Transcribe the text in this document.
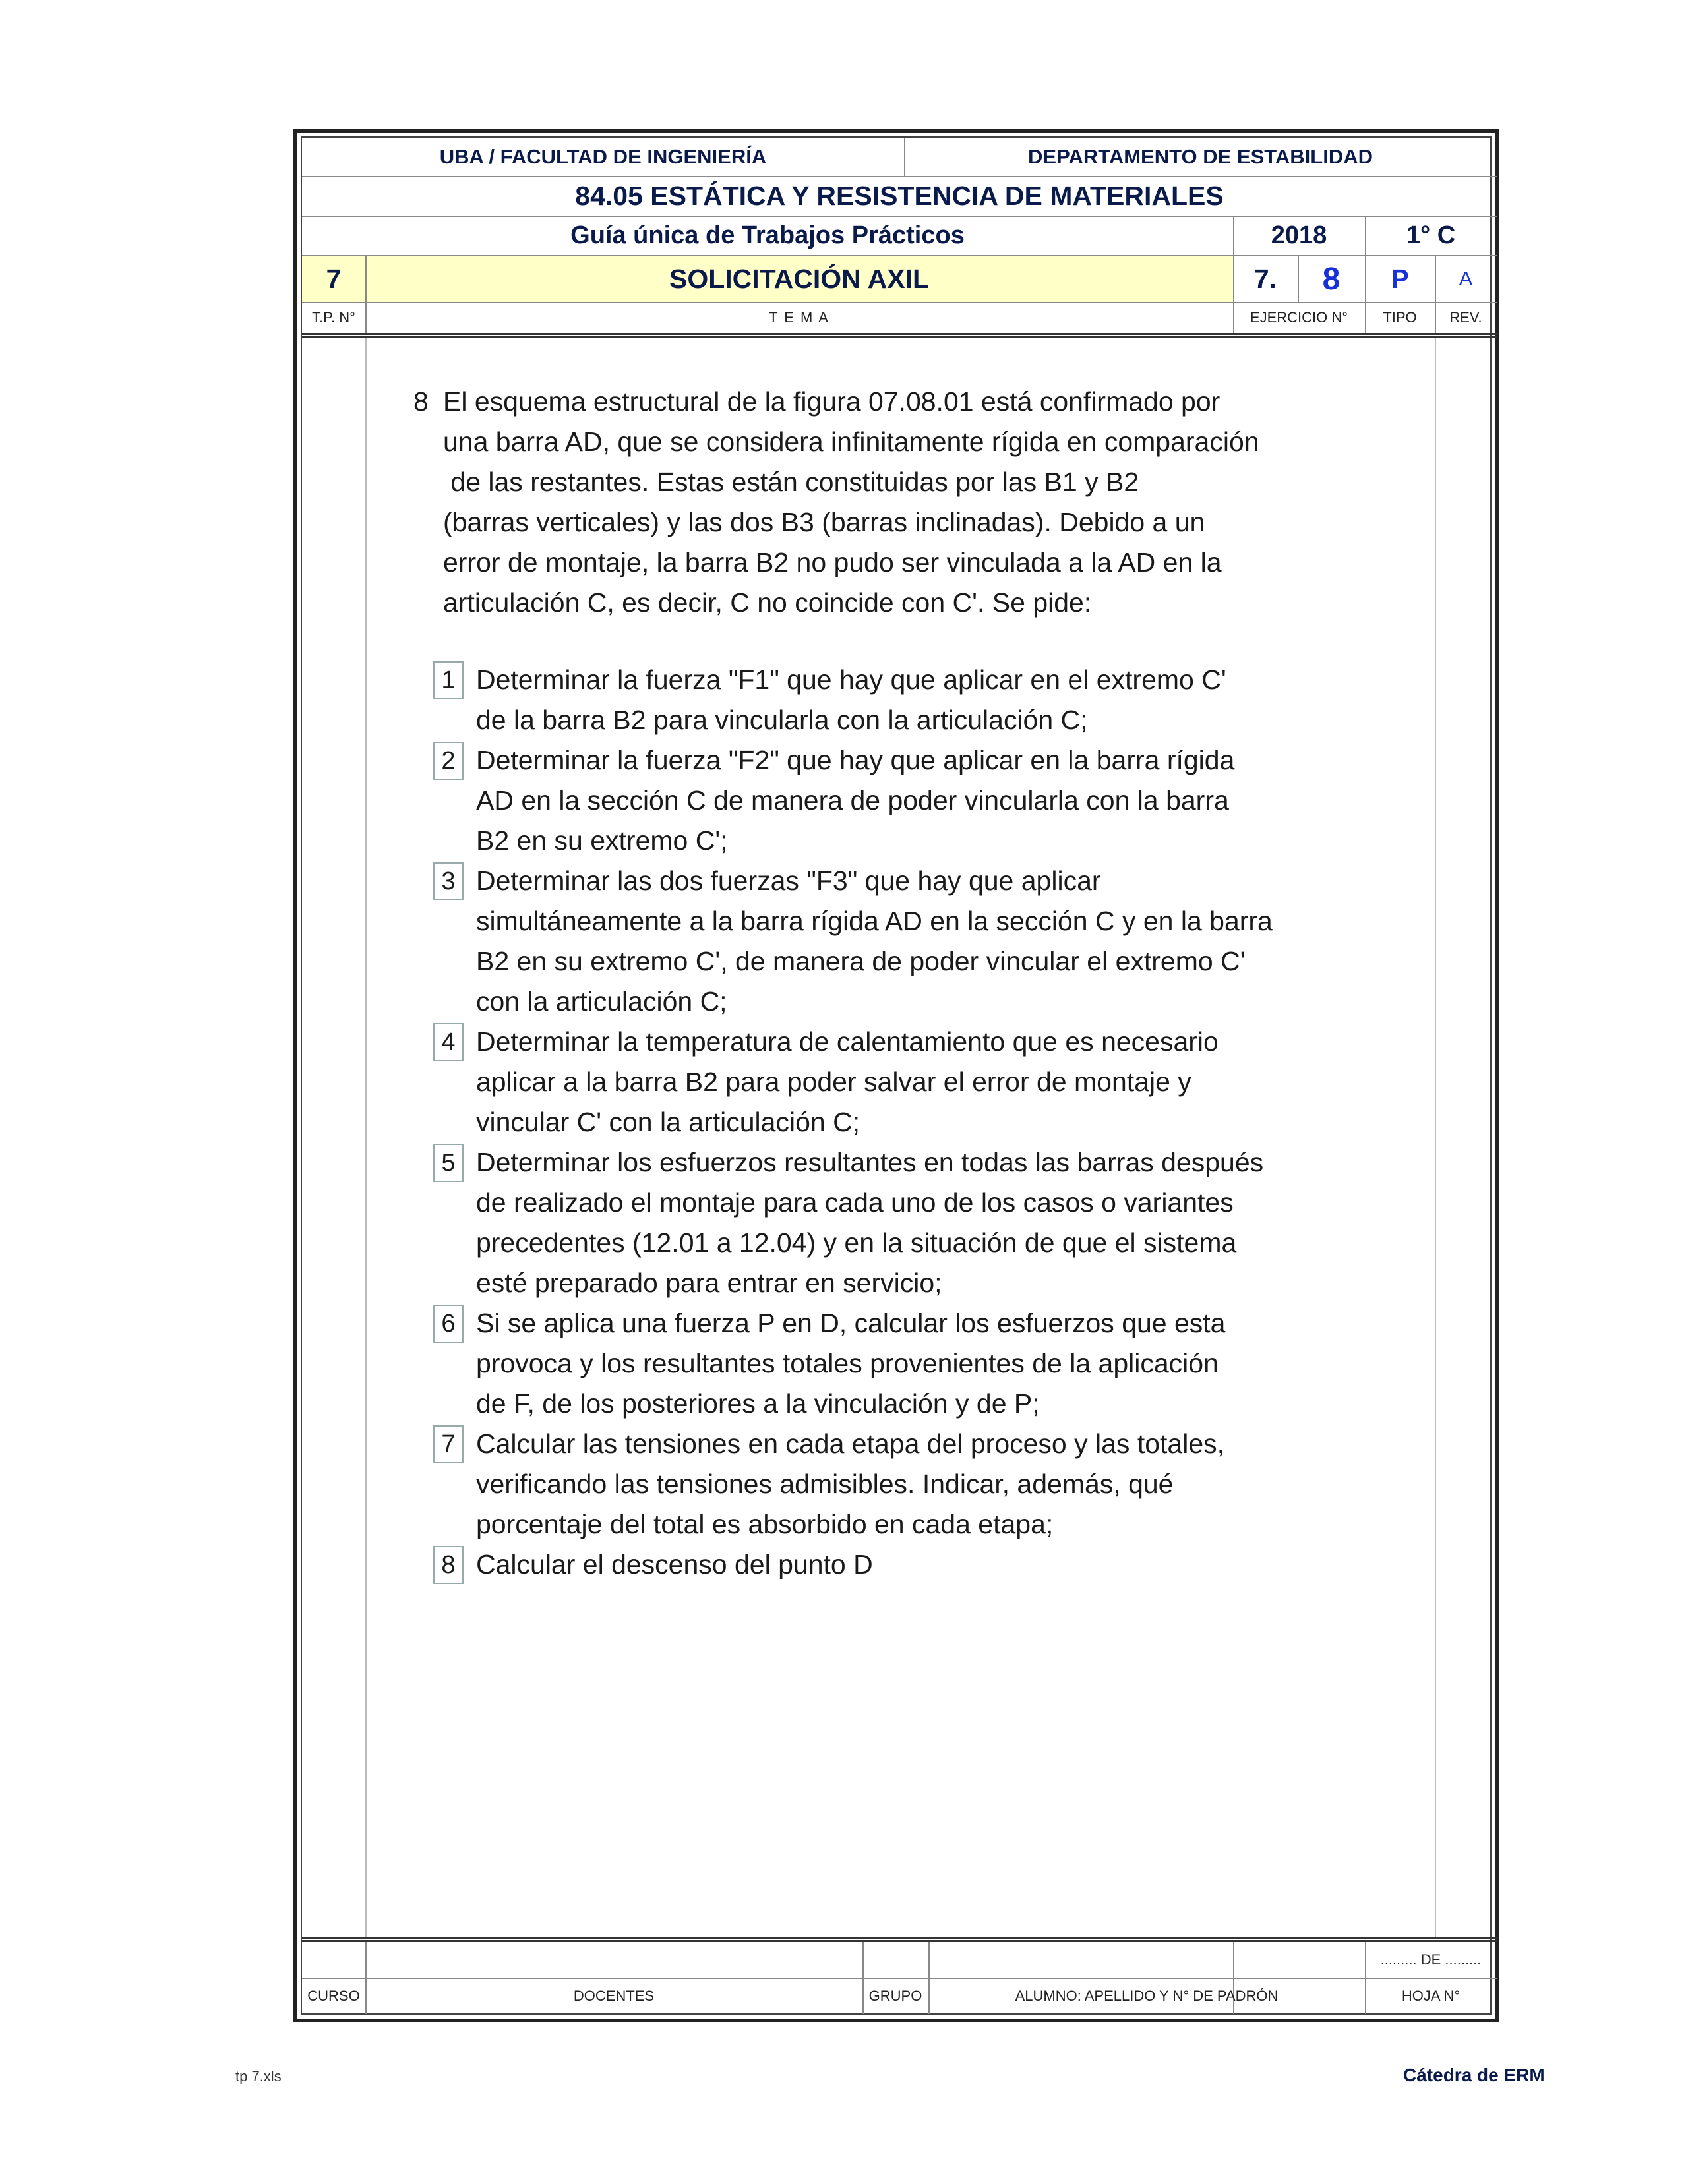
UBA / FACULTAD DE INGENIERÍA	DEPARTAMENTO DE ESTABILIDAD
84.05 ESTÁTICA Y RESISTENCIA DE MATERIALES
Guía única de Trabajos Prácticos	2018	1° C
7	SOLICITACIÓN AXIL	7.	8	P	A
T.P. N°	T E M A	EJERCICIO N°	TIPO	REV.
8 El esquema estructural de la figura 07.08.01 está confirmado por
una barra AD, que se considera infinitamente rígida en comparación
de las restantes. Estas están constituidas por las B1 y B2
(barras verticales) y las dos B3 (barras inclinadas). Debido a un
error de montaje, la barra B2 no pudo ser vinculada a la AD en la
articulación C, es decir, C no coincide con C'. Se pide:
1 Determinar la fuerza "F1" que hay que aplicar en el extremo C'
de la barra B2 para vincularla con la articulación C;
2 Determinar la fuerza "F2" que hay que aplicar en la barra rígida
AD en la sección C de manera de poder vincularla con la barra
B2 en su extremo C';
3 Determinar las dos fuerzas "F3" que hay que aplicar
simultáneamente a la barra rígida AD en la sección C y en la barra
B2 en su extremo C', de manera de poder vincular el extremo C'
con la articulación C;
4 Determinar la temperatura de calentamiento que es necesario
aplicar a la barra B2 para poder salvar el error de montaje y
vincular C' con la articulación C;
5 Determinar los esfuerzos resultantes en todas las barras después
de realizado el montaje para cada uno de los casos o variantes
precedentes (12.01 a 12.04) y en la situación de que el sistema
esté preparado para entrar en servicio;
6 Si se aplica una fuerza P en D, calcular los esfuerzos que esta
provoca y los resultantes totales provenientes de la aplicación
de F, de los posteriores a la vinculación y de P;
7 Calcular las tensiones en cada etapa del proceso y las totales,
verificando las tensiones admisibles. Indicar, además, qué
porcentaje del total es absorbido en cada etapa;
8 Calcular el descenso del punto D
......... DE .........
CURSO	DOCENTES	GRUPO	ALUMNO: APELLIDO Y N° DE PADRÓN	HOJA N°
tp 7.xls	Cátedra de ERM
